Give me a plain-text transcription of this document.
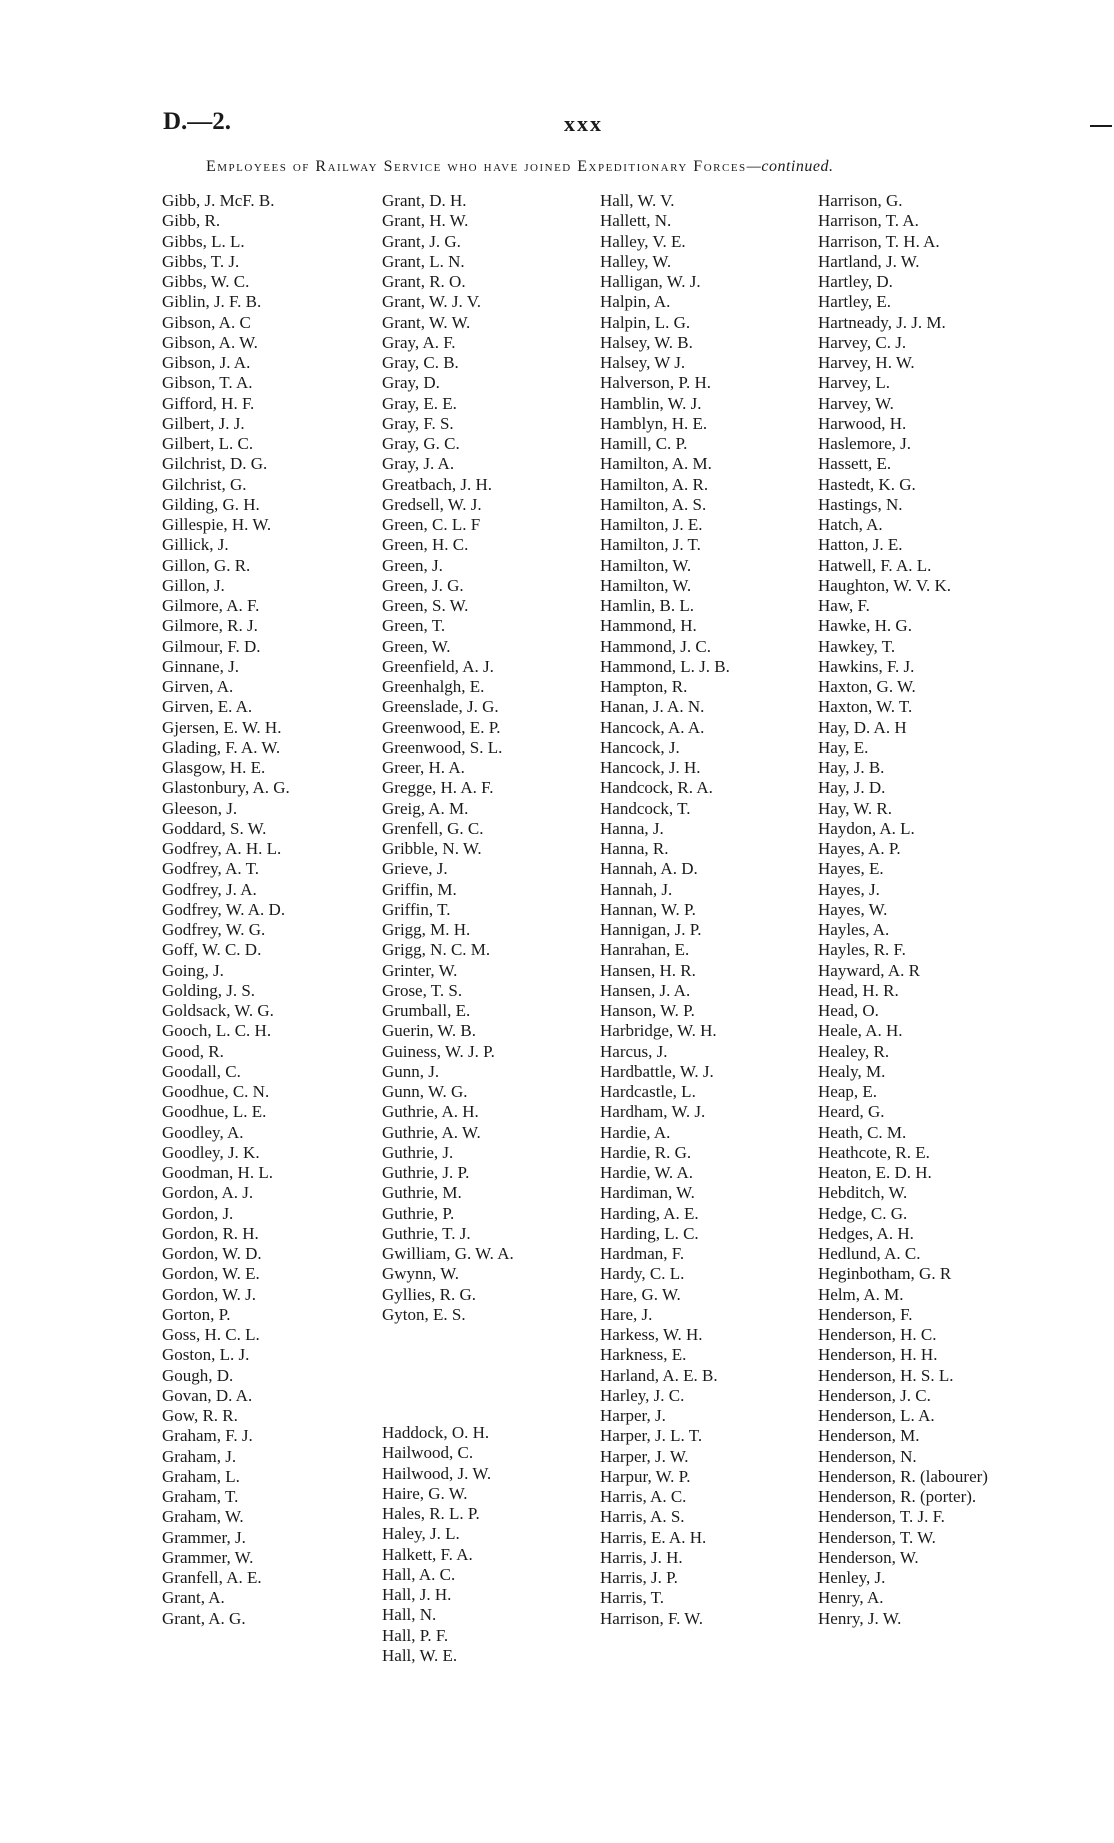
D.—2.	xxx
Employees of Railway Service who have joined Expeditionary Forces—continued.
Gibb, J. McF. B.
Gibb, R.
Gibbs, L. L.
Gibbs, T. J.
Gibbs, W. C.
Giblin, J. F. B.
Gibson, A. C
Gibson, A. W.
Gibson, J. A.
Gibson, T. A.
Gifford, H. F.
Gilbert, J. J.
Gilbert, L. C.
Gilchrist, D. G.
Gilchrist, G.
Gilding, G. H.
Gillespie, H. W.
Gillick, J.
Gillon, G. R.
Gillon, J.
Gilmore, A. F.
Gilmore, R. J.
Gilmour, F. D.
Ginnane, J.
Girven, A.
Girven, E. A.
Gjersen, E. W. H.
Glading, F. A. W.
Glasgow, H. E.
Glastonbury, A. G.
Gleeson, J.
Goddard, S. W.
Godfrey, A. H. L.
Godfrey, A. T.
Godfrey, J. A.
Godfrey, W. A. D.
Godfrey, W. G.
Goff, W. C. D.
Going, J.
Golding, J. S.
Goldsack, W. G.
Gooch, L. C. H.
Good, R.
Goodall, C.
Goodhue, C. N.
Goodhue, L. E.
Goodley, A.
Goodley, J. K.
Goodman, H. L.
Gordon, A. J.
Gordon, J.
Gordon, R. H.
Gordon, W. D.
Gordon, W. E.
Gordon, W. J.
Gorton, P.
Goss, H. C. L.
Goston, L. J.
Gough, D.
Govan, D. A.
Gow, R. R.
Graham, F. J.
Graham, J.
Graham, L.
Graham, T.
Graham, W.
Grammer, J.
Grammer, W.
Granfell, A. E.
Grant, A.
Grant, A. G.
Grant, D. H.
Grant, H. W.
Grant, J. G.
Grant, L. N.
Grant, R. O.
Grant, W. J. V.
Grant, W. W.
Gray, A. F.
Gray, C. B.
Gray, D.
Gray, E. E.
Gray, F. S.
Gray, G. C.
Gray, J. A.
Greatbach, J. H.
Gredsell, W. J.
Green, C. L. F
Green, H. C.
Green, J.
Green, J. G.
Green, S. W.
Green, T.
Green, W.
Greenfield, A. J.
Greenhalgh, E.
Greenslade, J. G.
Greenwood, E. P.
Greenwood, S. L.
Greer, H. A.
Gregge, H. A. F.
Greig, A. M.
Grenfell, G. C.
Gribble, N. W.
Grieve, J.
Griffin, M.
Griffin, T.
Grigg, M. H.
Grigg, N. C. M.
Grinter, W.
Grose, T. S.
Grumball, E.
Guerin, W. B.
Guiness, W. J. P.
Gunn, J.
Gunn, W. G.
Guthrie, A. H.
Guthrie, A. W.
Guthrie, J.
Guthrie, J. P.
Guthrie, M.
Guthrie, P.
Guthrie, T. J.
Gwilliam, G. W. A.
Gwynn, W.
Gyllies, R. G.
Gyton, E. S.
Haddock, O. H.
Hailwood, C.
Hailwood, J. W.
Haire, G. W.
Hales, R. L. P.
Haley, J. L.
Halkett, F. A.
Hall, A. C.
Hall, J. H.
Hall, N.
Hall, P. F.
Hall, W. E.
Hall, W. V.
Hallett, N.
Halley, V. E.
Halley, W.
Halligan, W. J.
Halpin, A.
Halpin, L. G.
Halsey, W. B.
Halsey, W J.
Halverson, P. H.
Hamblin, W. J.
Hamblyn, H. E.
Hamill, C. P.
Hamilton, A. M.
Hamilton, A. R.
Hamilton, A. S.
Hamilton, J. E.
Hamilton, J. T.
Hamilton, W.
Hamilton, W.
Hamlin, B. L.
Hammond, H.
Hammond, J. C.
Hammond, L. J. B.
Hampton, R.
Hanan, J. A. N.
Hancock, A. A.
Hancock, J.
Hancock, J. H.
Handcock, R. A.
Handcock, T.
Hanna, J.
Hanna, R.
Hannah, A. D.
Hannah, J.
Hannan, W. P.
Hannigan, J. P.
Hanrahan, E.
Hansen, H. R.
Hansen, J. A.
Hanson, W. P.
Harbridge, W. H.
Harcus, J.
Hardbattle, W. J.
Hardcastle, L.
Hardham, W. J.
Hardie, A.
Hardie, R. G.
Hardie, W. A.
Hardiman, W.
Harding, A. E.
Harding, L. C.
Hardman, F.
Hardy, C. L.
Hare, G. W.
Hare, J.
Harkess, W. H.
Harkness, E.
Harland, A. E. B.
Harley, J. C.
Harper, J.
Harper, J. L. T.
Harper, J. W.
Harpur, W. P.
Harris, A. C.
Harris, A. S.
Harris, E. A. H.
Harris, J. H.
Harris, J. P.
Harris, T.
Harrison, F. W.
Harrison, G.
Harrison, T. A.
Harrison, T. H. A.
Hartland, J. W.
Hartley, D.
Hartley, E.
Hartneady, J. J. M.
Harvey, C. J.
Harvey, H. W.
Harvey, L.
Harvey, W.
Harwood, H.
Haslemore, J.
Hassett, E.
Hastedt, K. G.
Hastings, N.
Hatch, A.
Hatton, J. E.
Hatwell, F. A. L.
Haughton, W. V. K.
Haw, F.
Hawke, H. G.
Hawkey, T.
Hawkins, F. J.
Haxton, G. W.
Haxton, W. T.
Hay, D. A. H
Hay, E.
Hay, J. B.
Hay, J. D.
Hay, W. R.
Haydon, A. L.
Hayes, A. P.
Hayes, E.
Hayes, J.
Hayes, W.
Hayles, A.
Hayles, R. F.
Hayward, A. R
Head, H. R.
Head, O.
Heale, A. H.
Healey, R.
Healy, M.
Heap, E.
Heard, G.
Heath, C. M.
Heathcote, R. E.
Heaton, E. D. H.
Hebditch, W.
Hedge, C. G.
Hedges, A. H.
Hedlund, A. C.
Heginbotham, G. R
Helm, A. M.
Henderson, F.
Henderson, H. C.
Henderson, H. H.
Henderson, H. S. L.
Henderson, J. C.
Henderson, L. A.
Henderson, M.
Henderson, N.
Henderson, R. (labourer)
Henderson, R. (porter).
Henderson, T. J. F.
Henderson, T. W.
Henderson, W.
Henley, J.
Henry, A.
Henry, J. W.
